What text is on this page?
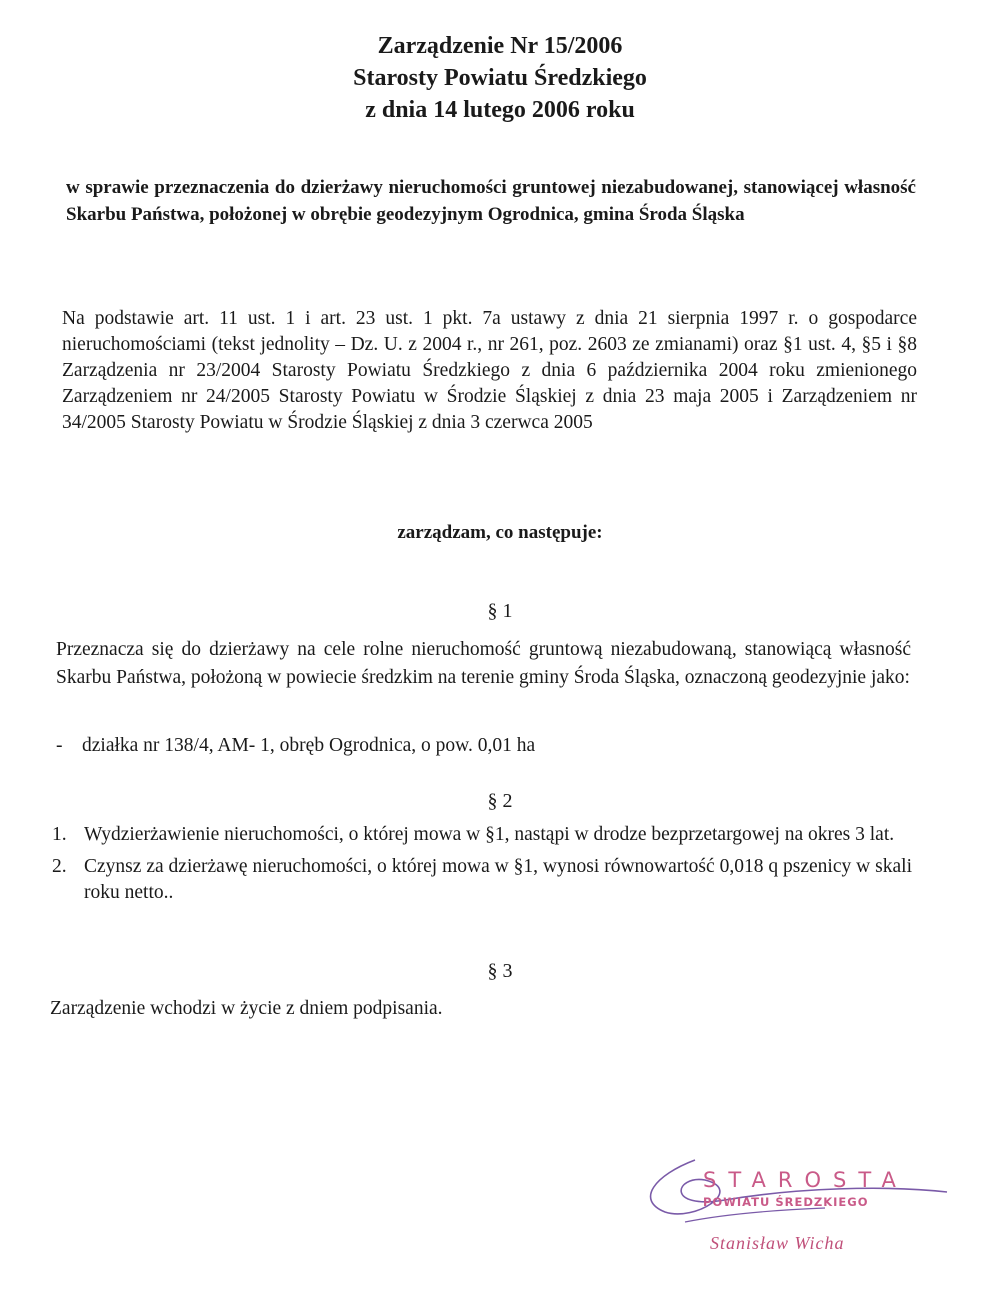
Zarządzenie Nr 15/2006

Starosty Powiatu Średzkiego

z dnia 14 lutego 2006 roku

w sprawie przeznaczenia do dzierżawy nieruchomości gruntowej niezabudowanej, stanowiącej własność Skarbu Państwa, położonej w obrębie geodezyjnym Ogrodnica, gmina Środa Śląska
Na podstawie art. 11 ust. 1 i art. 23 ust. 1 pkt. 7a ustawy z dnia 21 sierpnia 1997 r. o gospodarce nieruchomościami (tekst jednolity – Dz. U. z 2004 r., nr 261, poz. 2603 ze zmianami) oraz §1 ust. 4, §5 i §8 Zarządzenia nr 23/2004 Starosty Powiatu Średzkiego z dnia 6 października 2004 roku zmienionego Zarządzeniem nr 24/2005 Starosty Powiatu w Środzie Śląskiej z dnia 23 maja 2005 i Zarządzeniem nr 34/2005 Starosty Powiatu w Środzie Śląskiej z dnia 3 czerwca 2005
zarządzam, co następuje:
§ 1
Przeznacza się do dzierżawy na cele rolne nieruchomość gruntową niezabudowaną, stanowiącą własność Skarbu Państwa, położoną w powiecie średzkim na terenie gminy Środa Śląska, oznaczoną geodezyjnie jako:
- działka nr 138/4, AM- 1, obręb Ogrodnica, o pow. 0,01 ha
§ 2
1. Wydzierżawienie nieruchomości, o której mowa w §1, nastąpi w drodze bezprzetargowej na okres 3 lat.
2. Czynsz za dzierżawę nieruchomości, o której mowa w §1, wynosi równowartość 0,018 q pszenicy w skali roku netto..
§ 3
Zarządzenie wchodzi w życie z dniem podpisania.
STAROSTA
POWIATU ŚREDZKIEGO
Stanisław Wicha
